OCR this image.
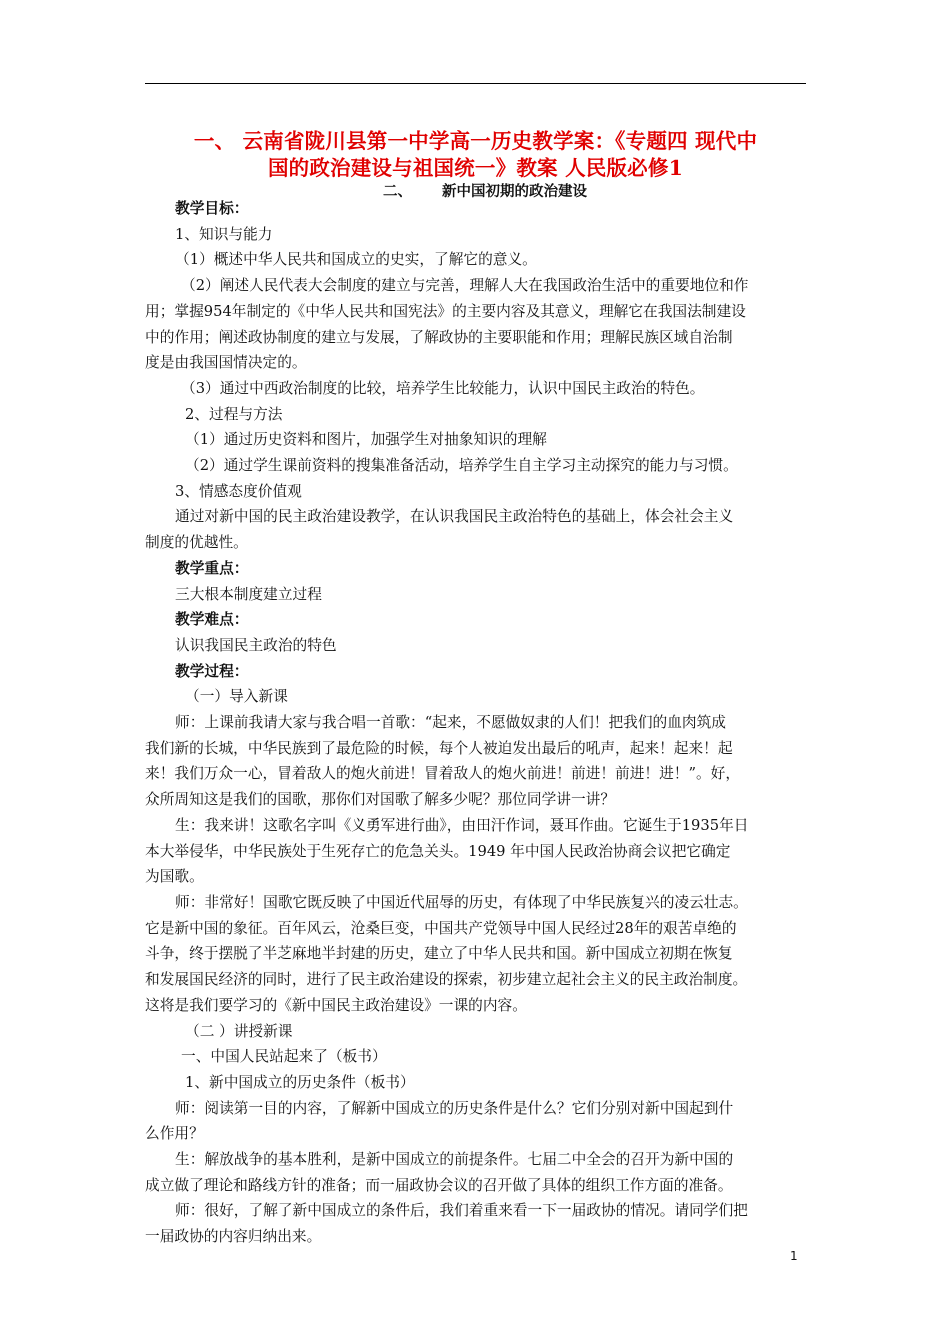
一、 云南省陇川县第一中学高一历史教学案：《专题四 现代中
国的政治建设与祖国统一》教案 人民版必修1
二、 新中国初期的政治建设

教学目标：

1、知识与能力

（1）概述中华人民共和国成立的史实，了解它的意义。

（2）阐述人民代表大会制度的建立与完善，理解人大在我国政治生活中的重要地位和作

用；掌握954年制定的《中华人民共和国宪法》的主要内容及其意义，理解它在我国法制建设

中的作用；阐述政协制度的建立与发展，了解政协的主要职能和作用；理解民族区域自治制

度是由我国国情决定的。

（3）通过中西政治制度的比较，培养学生比较能力，认识中国民主政治的特色。

2、过程与方法

（1）通过历史资料和图片，加强学生对抽象知识的理解

（2）通过学生课前资料的搜集准备活动，培养学生自主学习主动探究的能力与习惯。

3、情感态度价值观

通过对新中国的民主政治建设教学，在认识我国民主政治特色的基础上，体会社会主义

制度的优越性。

教学重点：

三大根本制度建立过程

教学难点：

认识我国民主政治的特色

教学过程：

（一）导入新课

师：上课前我请大家与我合唱一首歌：“起来，不愿做奴隶的人们！把我们的血肉筑成

我们新的长城，中华民族到了最危险的时候，每个人被迫发出最后的吼声，起来！起来！起

来！我们万众一心，冒着敌人的炮火前进！冒着敌人的炮火前进！前进！前进！进！”。好，

众所周知这是我们的国歌，那你们对国歌了解多少呢？那位同学讲一讲？

生：我来讲！这歌名字叫《义勇军进行曲》，由田汗作词，聂耳作曲。它诞生于1935年日

本大举侵华，中华民族处于生死存亡的危急关头。1949 年中国人民政治协商会议把它确定

为国歌。

师：非常好！国歌它既反映了中国近代屈辱的历史，有体现了中华民族复兴的凌云壮志。

它是新中国的象征。百年风云，沧桑巨变，中国共产党领导中国人民经过28年的艰苦卓绝的

斗争，终于摆脱了半芝麻地半封建的历史，建立了中华人民共和国。新中国成立初期在恢复

和发展国民经济的同时，进行了民主政治建设的探索，初步建立起社会主义的民主政治制度。

这将是我们要学习的《新中国民主政治建设》一课的内容。

（二 ）讲授新课

一、中国人民站起来了（板书）

1、新中国成立的历史条件（板书）

师：阅读第一目的内容，了解新中国成立的历史条件是什么？它们分别对新中国起到什

么作用？

生：解放战争的基本胜利，是新中国成立的前提条件。七届二中全会的召开为新中国的

成立做了理论和路线方针的准备；而一届政协会议的召开做了具体的组织工作方面的准备。

师：很好，了解了新中国成立的条件后，我们着重来看一下一届政协的情况。请同学们把

一届政协的内容归纳出来。

1
